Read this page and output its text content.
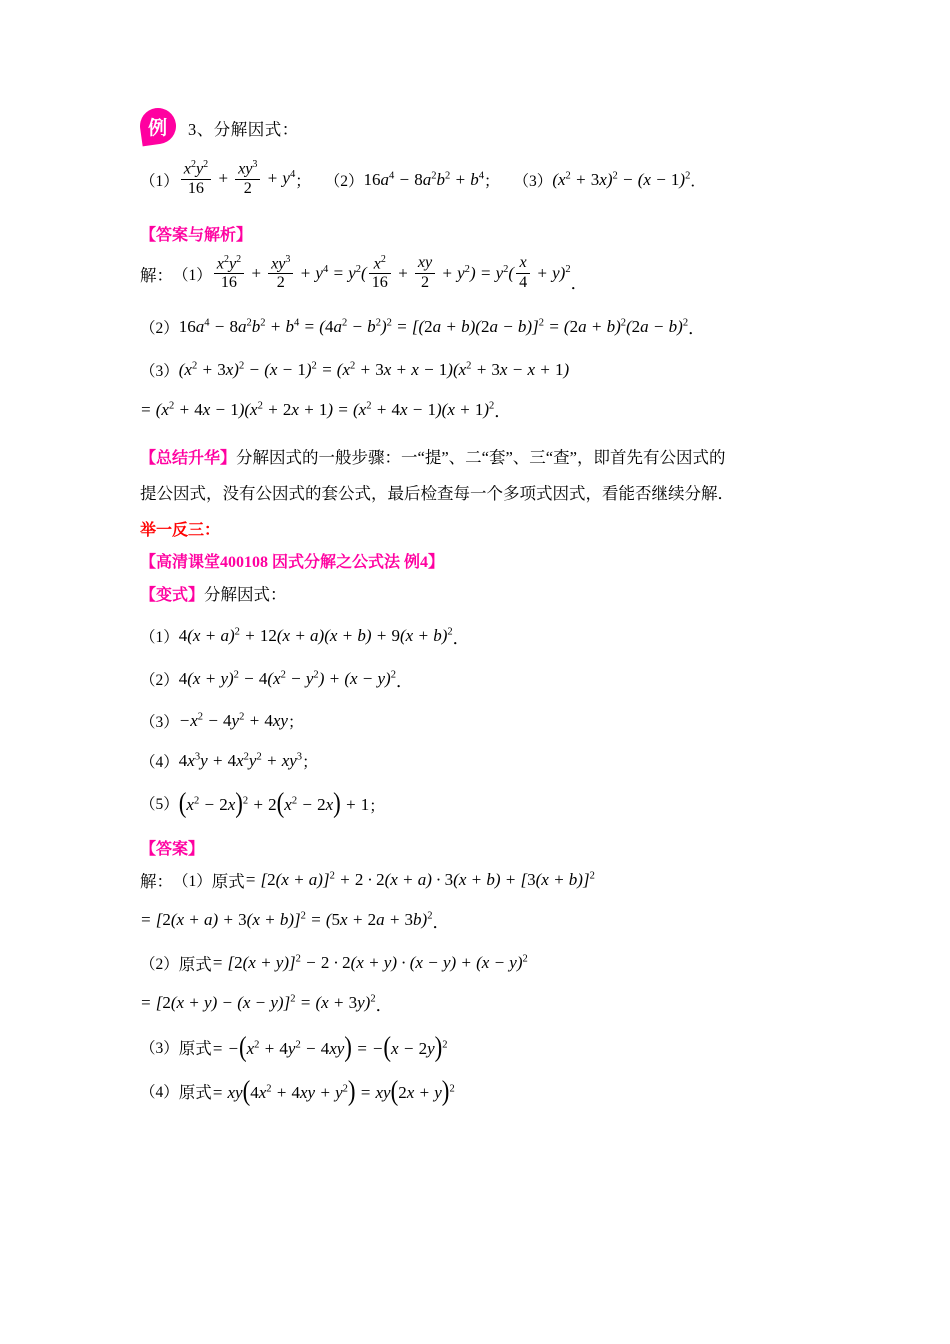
例 3、分解因式：
$(1) \frac{x^2y^2}{16} + \frac{xy^3}{2} + y^4$ ； （2） $16a^4 - 8a^2b^2 + b^4$ ； （3） $(x^2 + 3x)^2 - (x - 1)^2$ ．
【答案与解析】
解： $(1) \frac{x^2y^2}{16} + \frac{xy^3}{2} + y^4 = y^2( \frac{x^2}{16} + \frac{xy}{2} + y^2) = y^2( \frac{x}{4} + y)^2$
．
（2） $16a^4 - 8a^2b^2 + b^4 = (4a^2 - b^2)^2 = [(2a + b)(2a - b)]^2 = (2a + b)^2(2a - b)^2$ ．
（3） $(x^2 + 3x)^2 - (x - 1)^2 = (x^2 + 3x + x - 1)(x^2 + 3x - x + 1)$
= $(x^2 + 4x - 1)(x^2 + 2x + 1) = (x^2 + 4x - 1)(x + 1)^2$ ．
【总结升华】分解因式的一般步骤：一“提”、二“套”、三“查”，即首先有公因式的
提公因式，没有公因式的套公式，最后检查每一个多项式因式，看能否继续分解．
举一反三：
【高清课堂400108 因式分解之公式法 例4】
【变式】分解因式：
（1） $4(x + a)^2 + 12(x + a)(x + b) + 9(x + b)^2$ ．
（2） $4(x + y)^2 - 4(x^2 - y^2) + (x - y)^2$ ．
$(3) -x^2 - 4y^2 + 4xy$ ；
（4） $4x^3y + 4x^2y^2 + xy^3$ ；
（5） $(x^2 - 2x)^2 + 2(x^2 - 2x) + 1$ ；
【答案】
解： （1） 原式 = $[2(x + a)]^2 + 2 \cdot 2(x + a) \cdot 3(x + b) + [3(x + b)]^2$
= $[2(x + a) + 3(x + b)]^2 = (5x + 2a + 3b)^2$ ．
（2） 原式 = $[2(x + y)]^2 - 2 \cdot 2(x + y) \cdot (x - y) + (x - y)^2$
= $[2(x + y) - (x - y)]^2 = (x + 3y)^2$ ．
（3） 原式 = $-(x^2 + 4y^2 - 4xy) = -(x - 2y)^2$
（4） 原式 = $xy(4x^2 + 4xy + y^2) = xy(2x + y)^2$
